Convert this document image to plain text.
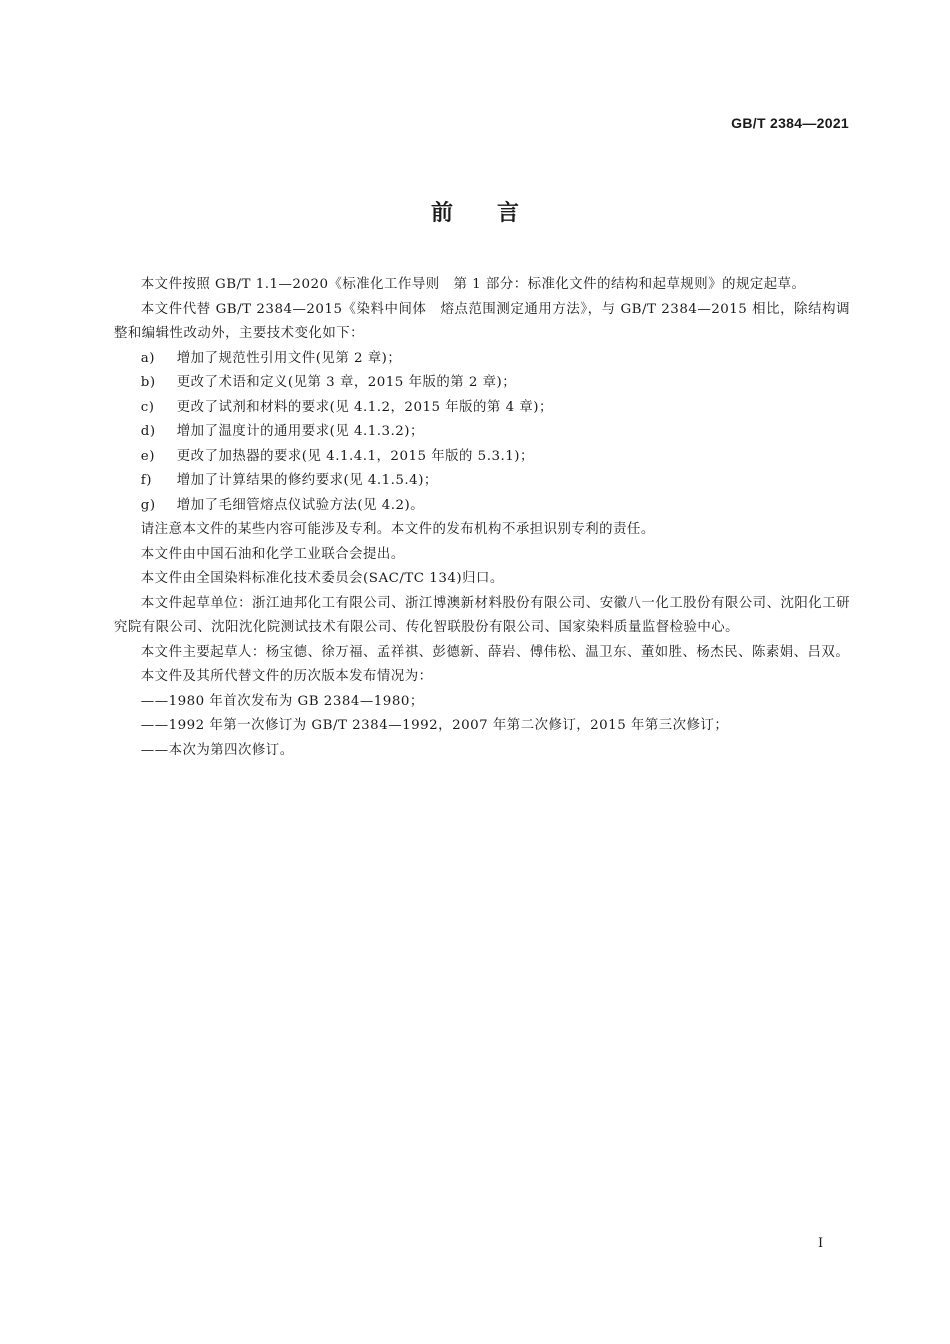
GB/T 2384—2021
前言

本文件按照 GB/T 1.1—2020《标准化工作导则　第 1 部分：标准化文件的结构和起草规则》的规定起草。

本文件代替 GB/T 2384—2015《染料中间体　熔点范围测定通用方法》，与 GB/T 2384—2015 相比，除结构调整和编辑性改动外，主要技术变化如下：

a) 增加了规范性引用文件(见第 2 章)；

b) 更改了术语和定义(见第 3 章，2015 年版的第 2 章)；

c) 更改了试剂和材料的要求(见 4.1.2，2015 年版的第 4 章)；

d) 增加了温度计的通用要求(见 4.1.3.2)；

e) 更改了加热器的要求(见 4.1.4.1，2015 年版的 5.3.1)；

f) 增加了计算结果的修约要求(见 4.1.5.4)；

g) 增加了毛细管熔点仪试验方法(见 4.2)。

请注意本文件的某些内容可能涉及专利。本文件的发布机构不承担识别专利的责任。

本文件由中国石油和化学工业联合会提出。

本文件由全国染料标准化技术委员会(SAC/TC 134)归口。

本文件起草单位：浙江迪邦化工有限公司、浙江博澳新材料股份有限公司、安徽八一化工股份有限公司、沈阳化工研究院有限公司、沈阳沈化院测试技术有限公司、传化智联股份有限公司、国家染料质量监督检验中心。

本文件主要起草人：杨宝德、徐万福、孟祥祺、彭德新、薛岩、傅伟松、温卫东、董如胜、杨杰民、陈素娟、吕双。

本文件及其所代替文件的历次版本发布情况为：

——1980 年首次发布为 GB 2384—1980；

——1992 年第一次修订为 GB/T 2384—1992，2007 年第二次修订，2015 年第三次修订；

——本次为第四次修订。

I
